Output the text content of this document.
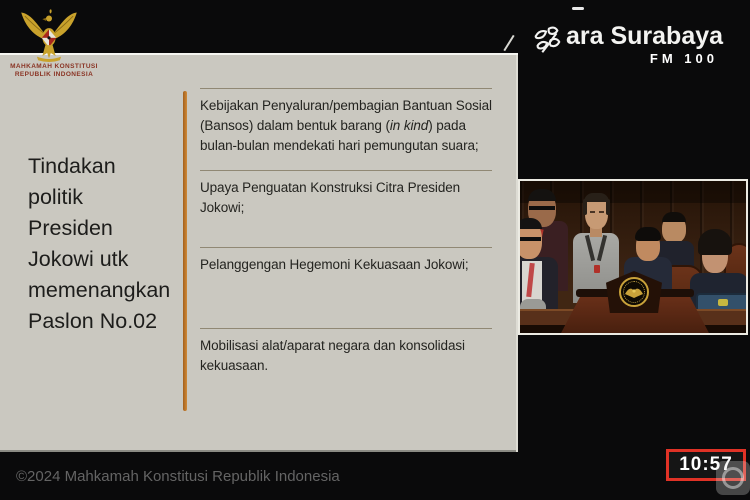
Tindakan
politik
Presiden
Jokowi utk
memenangkan
Paslon No.02
Kebijakan Penyaluran/pembagian Bantuan Sosial
(Bansos) dalam bentuk barang (in kind) pada
bulan-bulan mendekati hari pemungutan suara;
Upaya Penguatan Konstruksi Citra Presiden
Jokowi;
Pelanggengan Hegemoni Kekuasaan Jokowi;
Mobilisasi alat/aparat negara dan konsolidasi
kekuasaan.
MAHKAMAH KONSTITUSI
REPUBLIK INDONESIA
ara Surabaya
FM 100
©2024 Mahkamah Konstitusi Republik Indonesia
10:57
